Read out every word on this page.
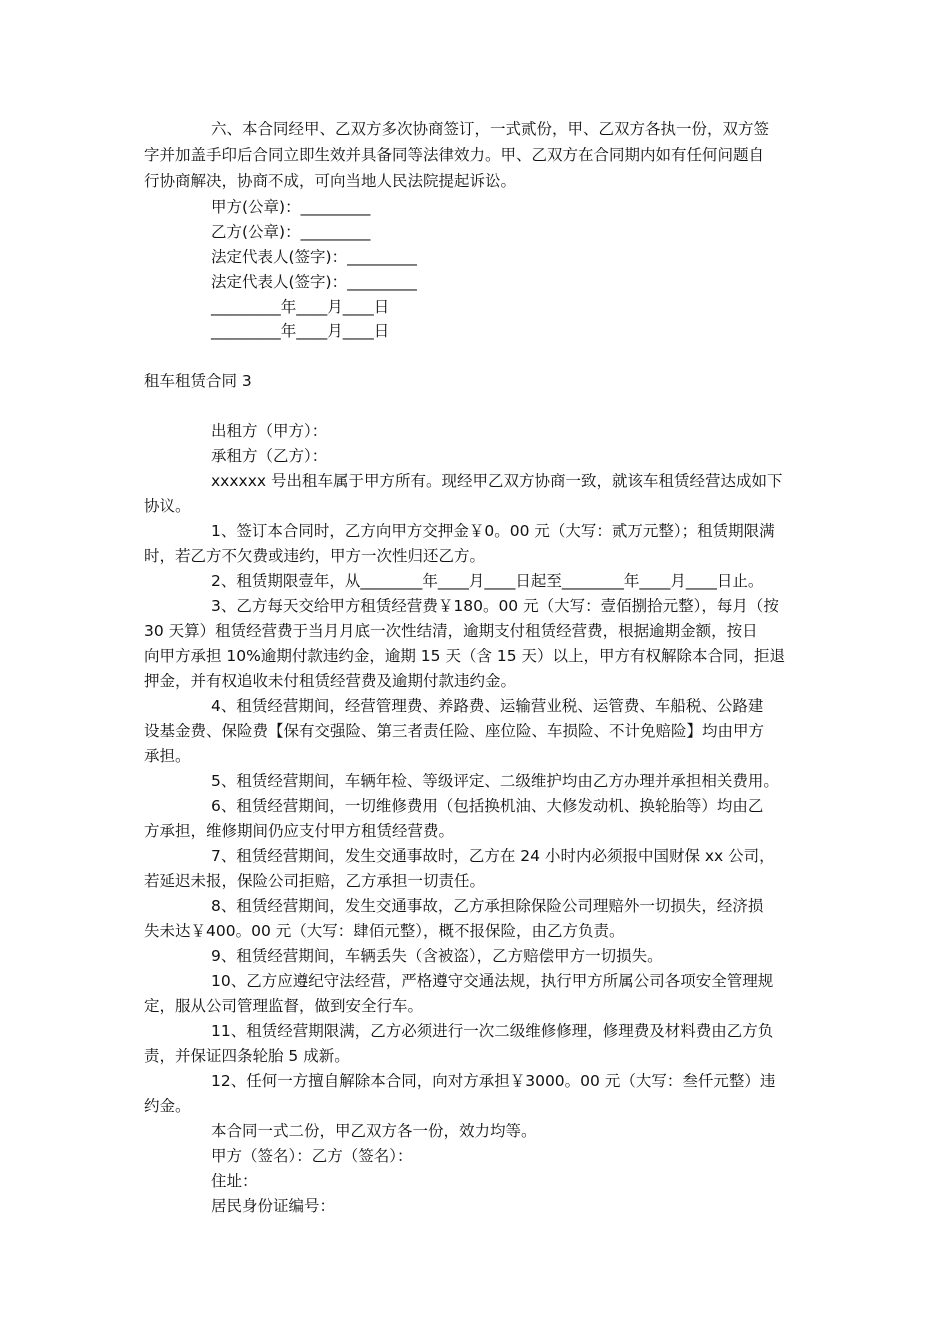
六、本合同经甲、乙双方多次协商签订，一式贰份，甲、乙双方各执一份，双方签

字并加盖手印后合同立即生效并具备同等法律效力。甲、乙双方在合同期内如有任何问题自

行协商解决，协商不成，可向当地人民法院提起诉讼。

甲方(公章)：_________

乙方(公章)：_________

法定代表人(签字)：_________

法定代表人(签字)：_________

_________年____月____日

_________年____月____日

租车租赁合同 3

出租方（甲方）：

承租方（乙方）：

xxxxxx 号出租车属于甲方所有。现经甲乙双方协商一致，就该车租赁经营达成如下

协议。

1、签订本合同时，乙方向甲方交押金￥0。00 元（大写：贰万元整）；租赁期限满

时，若乙方不欠费或违约，甲方一次性归还乙方。

2、租赁期限壹年，从________年____月____日起至________年____月____日止。

3、乙方每天交给甲方租赁经营费￥180。00 元（大写：壹佰捌拾元整），每月（按

30 天算）租赁经营费于当月月底一次性结清，逾期支付租赁经营费，根据逾期金额，按日

向甲方承担 10%逾期付款违约金，逾期 15 天（含 15 天）以上，甲方有权解除本合同，拒退

押金，并有权追收未付租赁经营费及逾期付款违约金。

4、租赁经营期间，经营管理费、养路费、运输营业税、运管费、车船税、公路建

设基金费、保险费【保有交强险、第三者责任险、座位险、车损险、不计免赔险】均由甲方

承担。

5、租赁经营期间，车辆年检、等级评定、二级维护均由乙方办理并承担相关费用。

6、租赁经营期间，一切维修费用（包括换机油、大修发动机、换轮胎等）均由乙

方承担，维修期间仍应支付甲方租赁经营费。

7、租赁经营期间，发生交通事故时，乙方在 24 小时内必须报中国财保 xx 公司，

若延迟未报，保险公司拒赔，乙方承担一切责任。

8、租赁经营期间，发生交通事故，乙方承担除保险公司理赔外一切损失，经济损

失未达￥400。00 元（大写：肆佰元整），概不报保险，由乙方负责。

9、租赁经营期间，车辆丢失（含被盗），乙方赔偿甲方一切损失。

10、乙方应遵纪守法经营，严格遵守交通法规，执行甲方所属公司各项安全管理规

定，服从公司管理监督，做到安全行车。

11、租赁经营期限满，乙方必须进行一次二级维修修理，修理费及材料费由乙方负

责，并保证四条轮胎 5 成新。

12、任何一方擅自解除本合同，向对方承担￥3000。00 元（大写：叁仟元整）违

约金。

本合同一式二份，甲乙双方各一份，效力均等。

甲方（签名）：乙方（签名）：

住址：

居民身份证编号：
